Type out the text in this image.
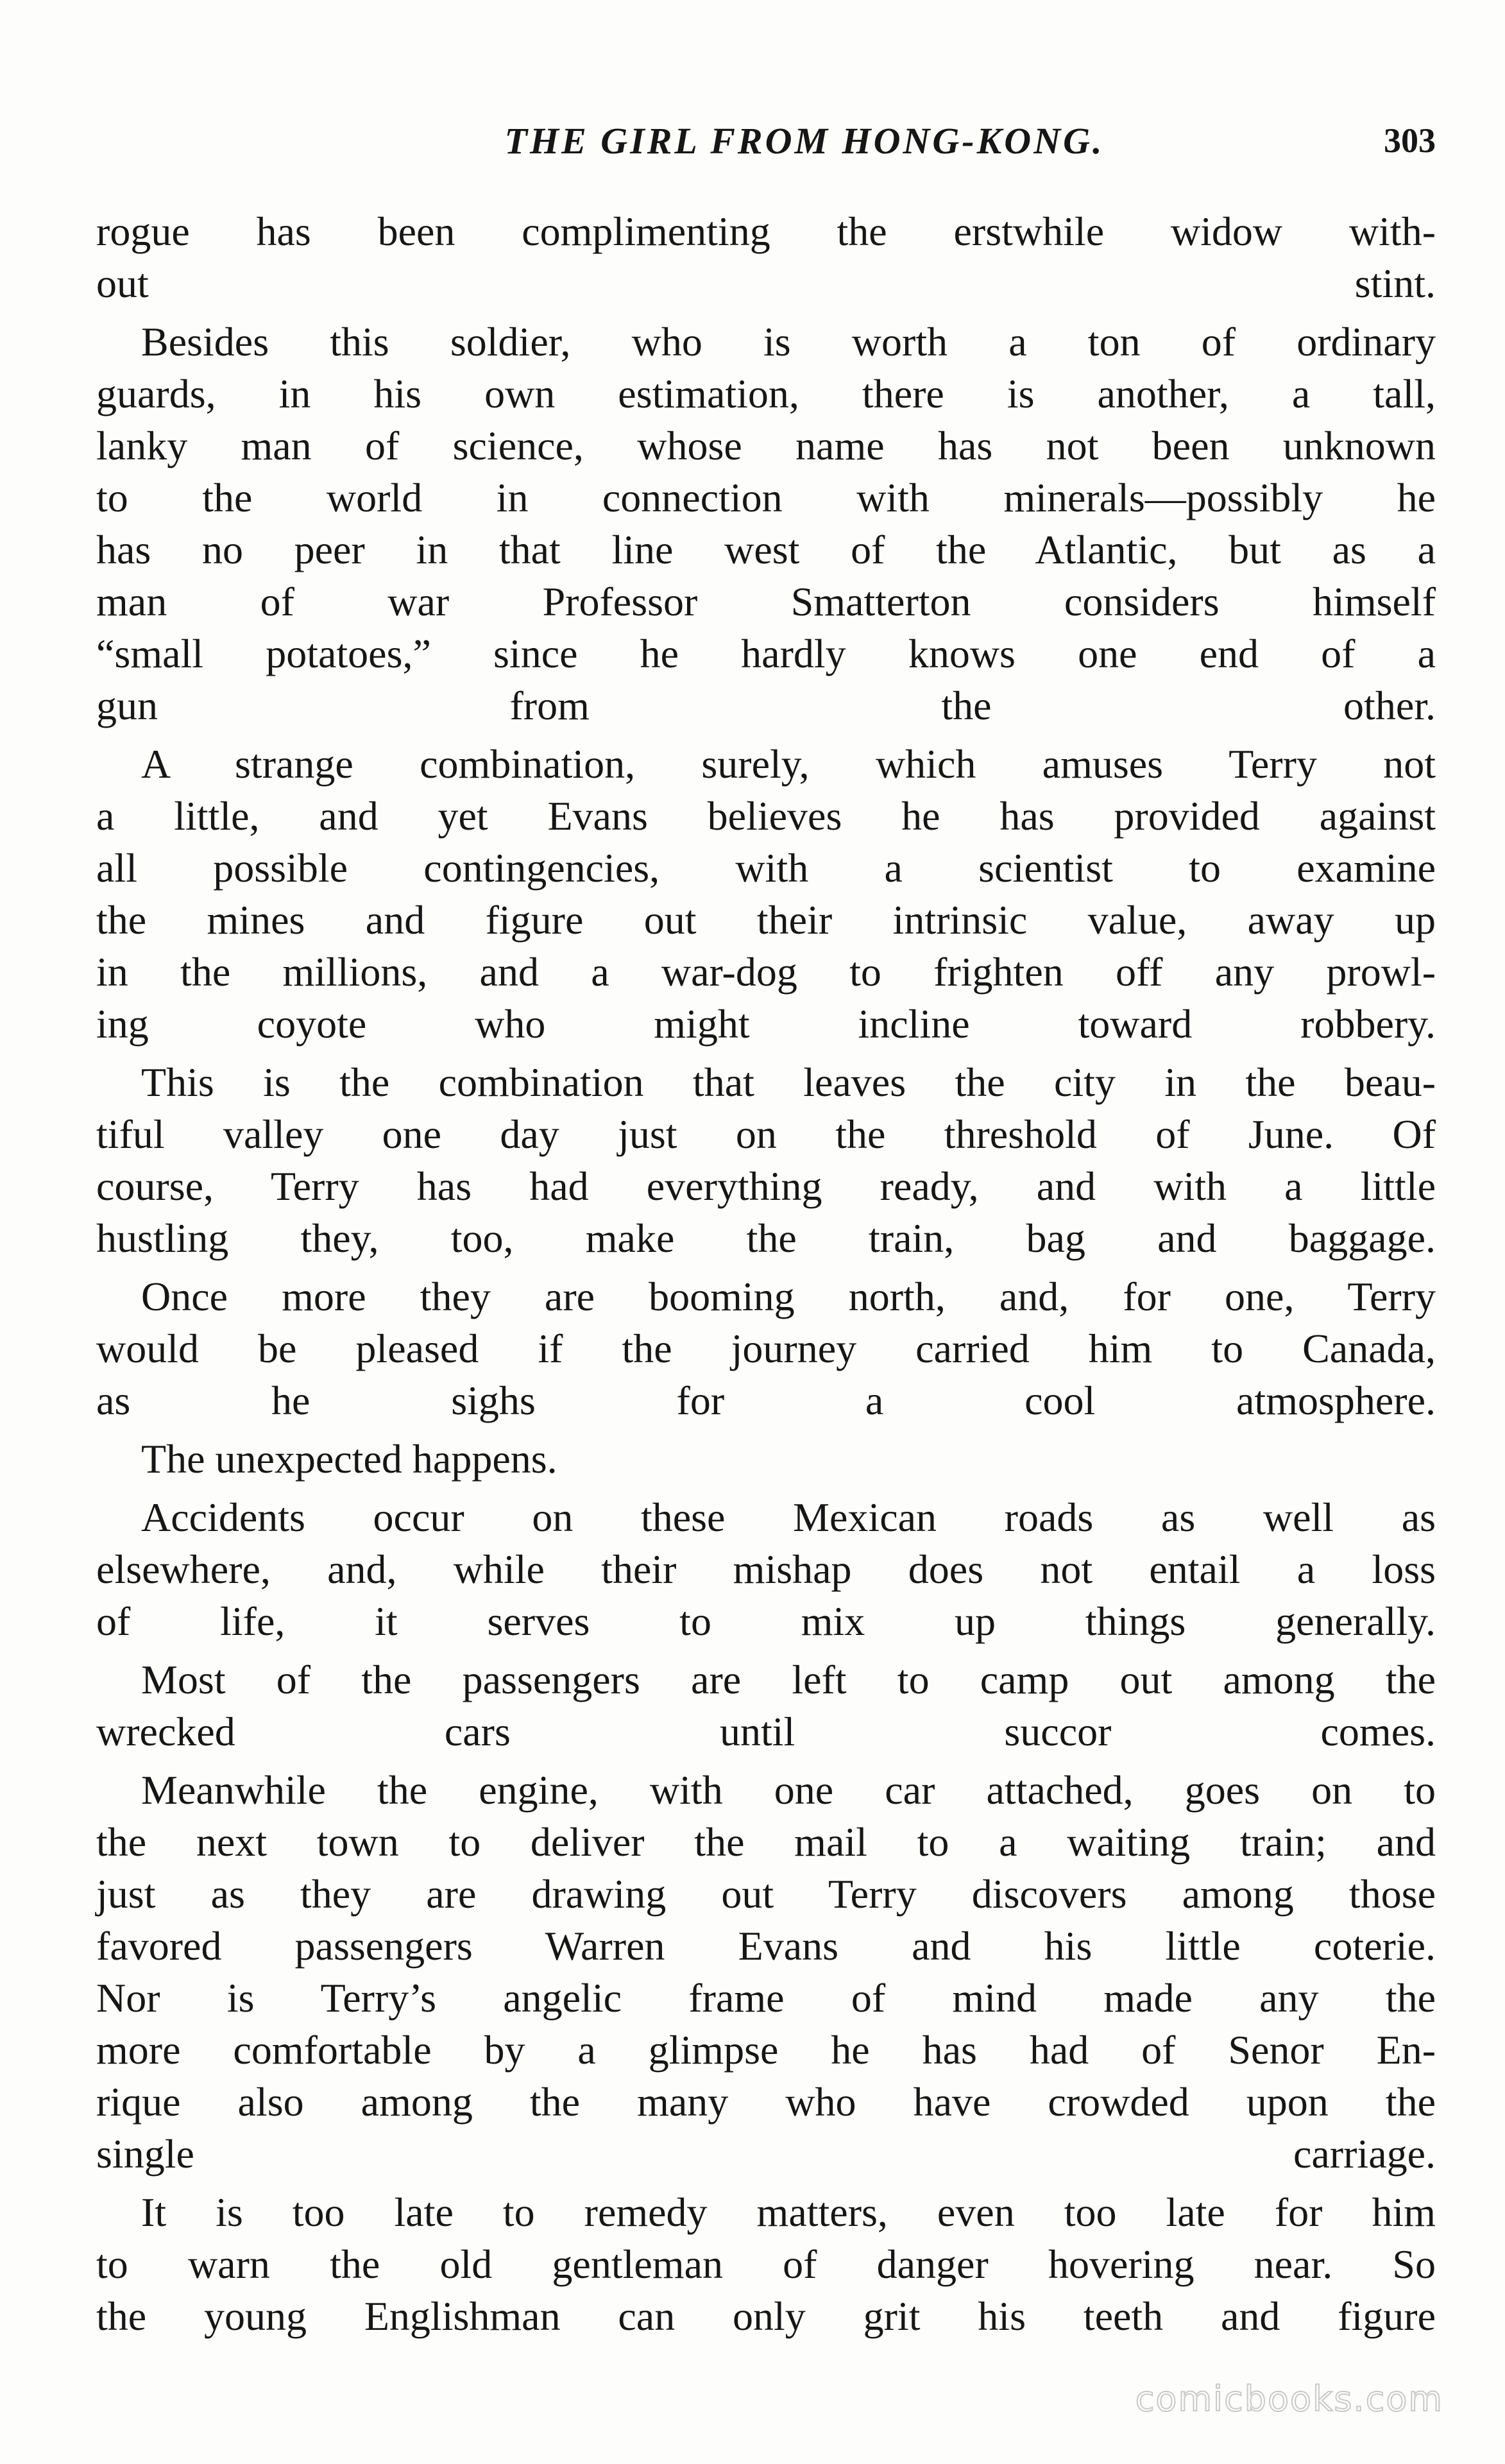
THE GIRL FROM HONG-KONG.	303

rogue has been complimenting the erstwhile widow with-
out stint.

Besides this soldier, who is worth a ton of ordinary
guards, in his own estimation, there is another, a tall,
lanky man of science, whose name has not been unknown
to the world in connection with minerals—possibly he
has no peer in that line west of the Atlantic, but as a
man of war Professor Smatterton considers himself
“small potatoes,” since he hardly knows one end of a
gun from the other.

A strange combination, surely, which amuses Terry not
a little, and yet Evans believes he has provided against
all possible contingencies, with a scientist to examine
the mines and figure out their intrinsic value, away up
in the millions, and a war-dog to frighten off any prowl-
ing coyote who might incline toward robbery.

This is the combination that leaves the city in the beau-
tiful valley one day just on the threshold of June. Of
course, Terry has had everything ready, and with a little
hustling they, too, make the train, bag and baggage.

Once more they are booming north, and, for one, Terry
would be pleased if the journey carried him to Canada,
as he sighs for a cool atmosphere.

The unexpected happens.

Accidents occur on these Mexican roads as well as
elsewhere, and, while their mishap does not entail a loss
of life, it serves to mix up things generally.

Most of the passengers are left to camp out among the
wrecked cars until succor comes.

Meanwhile the engine, with one car attached, goes on to
the next town to deliver the mail to a waiting train; and
just as they are drawing out Terry discovers among those
favored passengers Warren Evans and his little coterie.
Nor is Terry’s angelic frame of mind made any the
more comfortable by a glimpse he has had of Senor En-
rique also among the many who have crowded upon the
single carriage.

It is too late to remedy matters, even too late for him
to warn the old gentleman of danger hovering near. So
the young Englishman can only grit his teeth and figure

comicbooks.com
